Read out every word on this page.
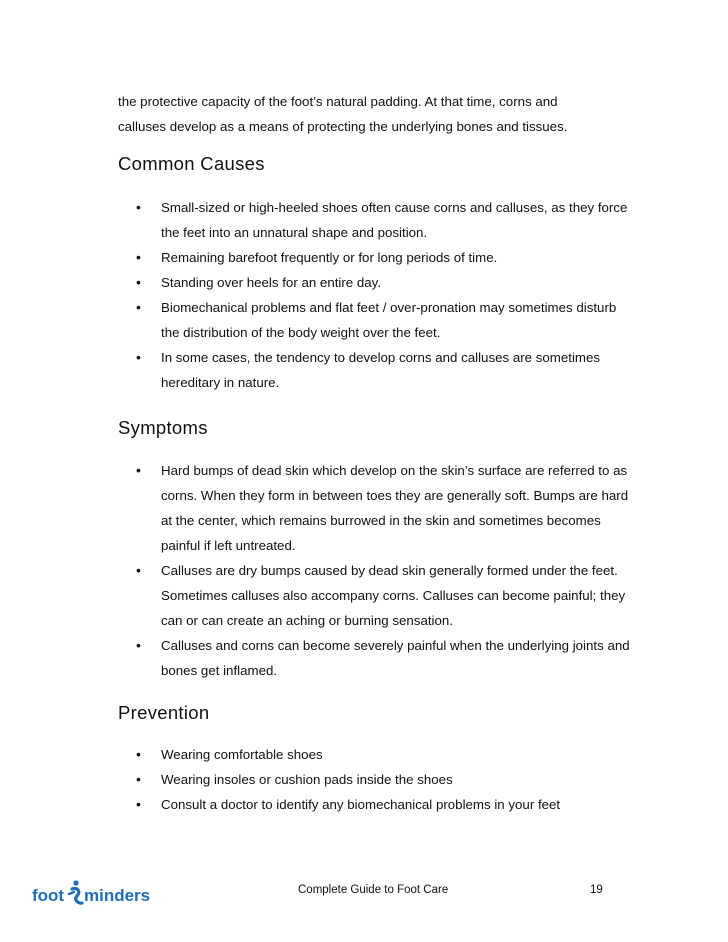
the protective capacity of the foot’s natural padding. At that time, corns and
calluses develop as a means of protecting the underlying bones and tissues.

Common Causes
• Small-sized or high-heeled shoes often cause corns and calluses, as they force the feet into an unnatural shape and position.
• Remaining barefoot frequently or for long periods of time.
• Standing over heels for an entire day.
• Biomechanical problems and flat feet / over-pronation may sometimes disturb the distribution of the body weight over the feet.
• In some cases, the tendency to develop corns and calluses are sometimes hereditary in nature.
Symptoms
• Hard bumps of dead skin which develop on the skin’s surface are referred to as corns. When they form in between toes they are generally soft. Bumps are hard at the center, which remains burrowed in the skin and sometimes becomes painful if left untreated.
• Calluses are dry bumps caused by dead skin generally formed under the feet. Sometimes calluses also accompany corns. Calluses can become painful; they can or can create an aching or burning sensation.
• Calluses and corns can become severely painful when the underlying joints and bones get inflamed.
Prevention
• Wearing comfortable shoes
• Wearing insoles or cushion pads inside the shoes
• Consult a doctor to identify any biomechanical problems in your feet
foot minders	Complete Guide to Foot Care	19
